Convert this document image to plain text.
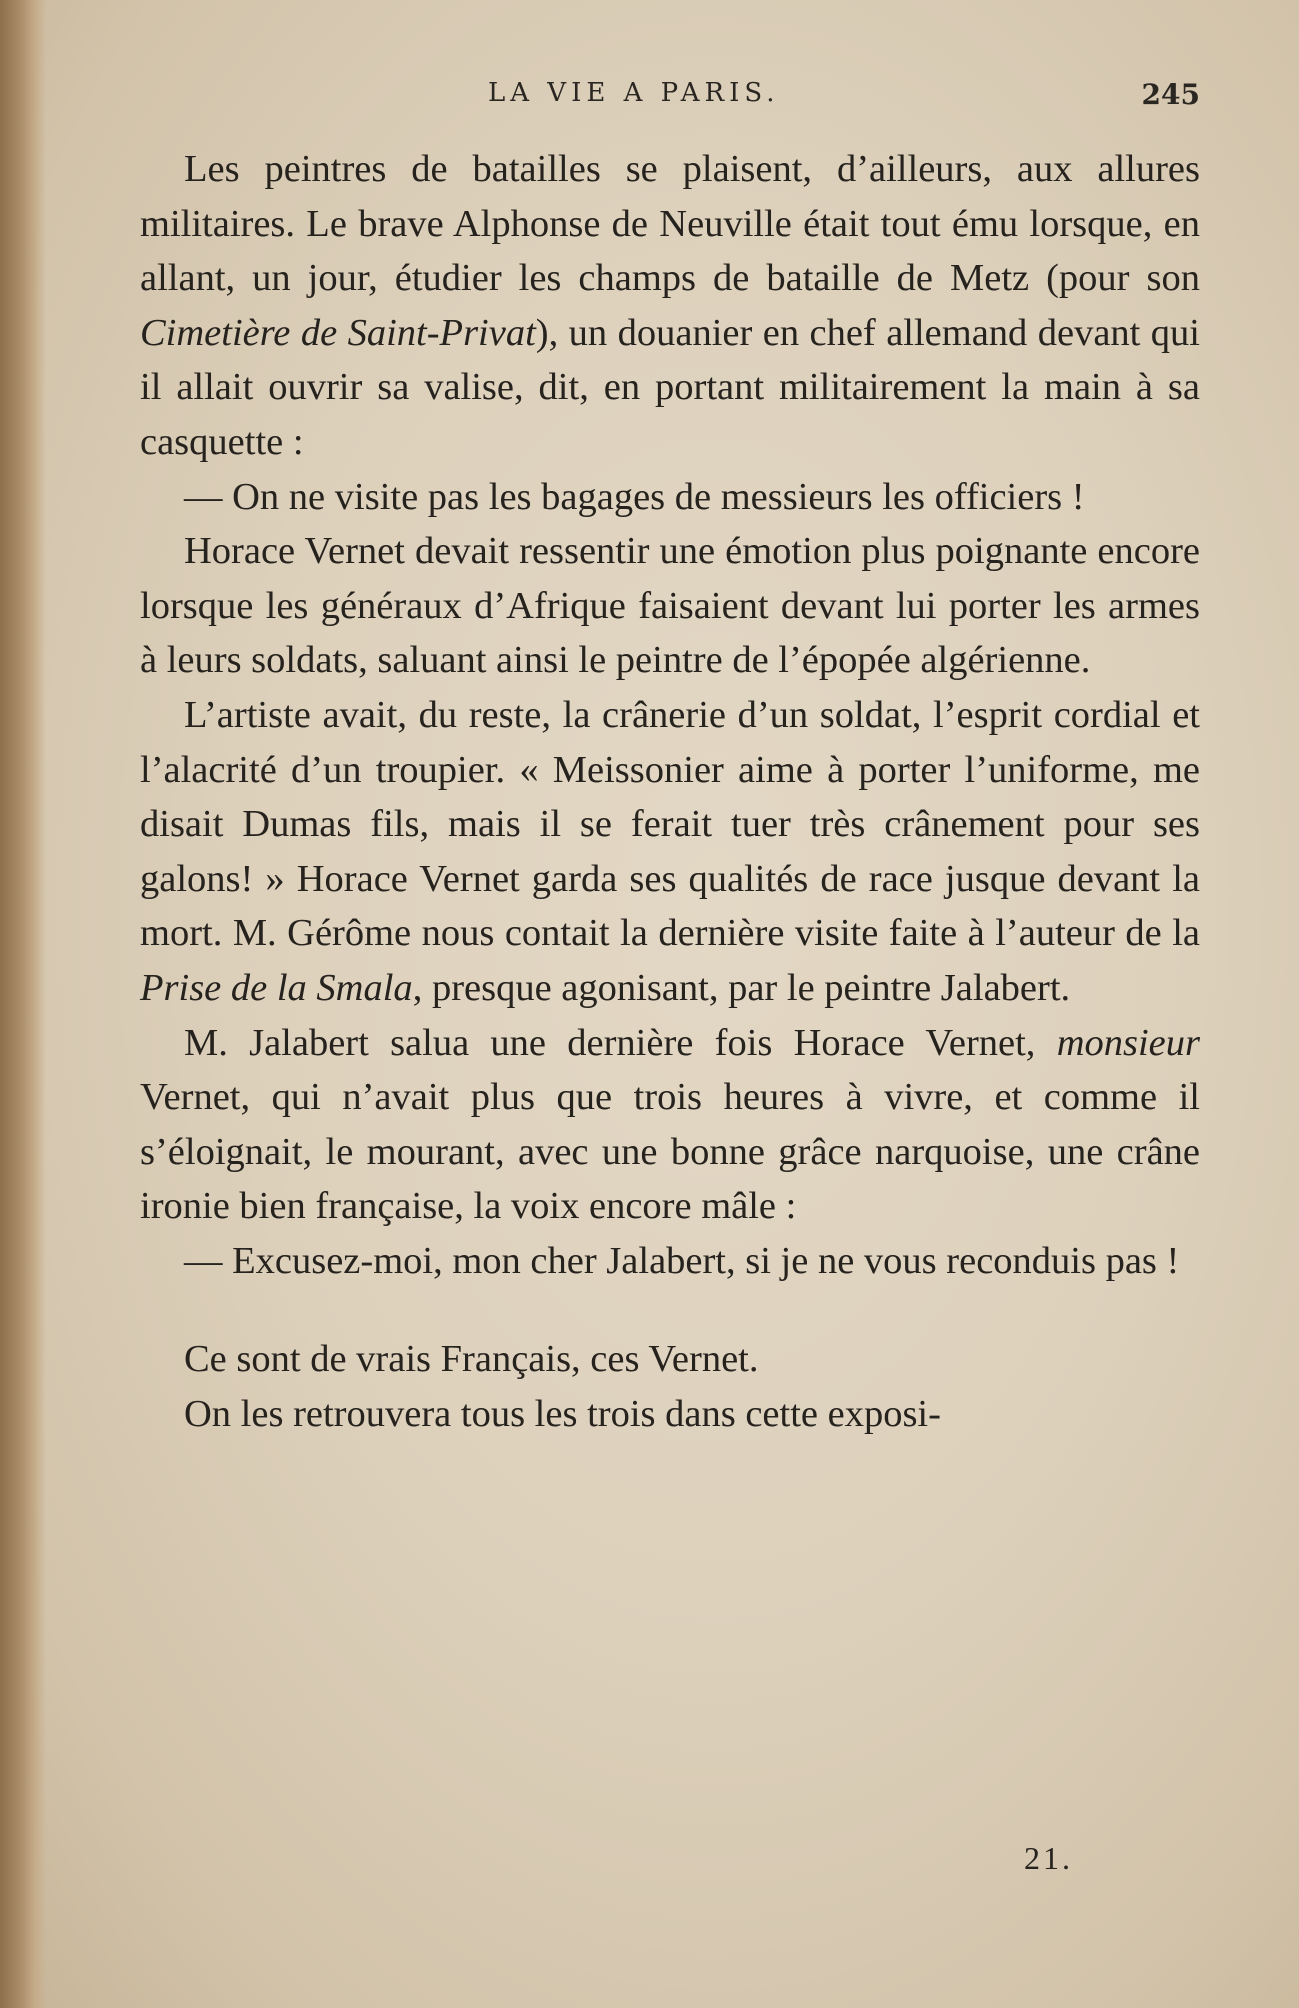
LA VIE A PARIS.	245

Les peintres de batailles se plaisent, d’ailleurs, aux allures militaires. Le brave Alphonse de Neuville était tout ému lorsque, en allant, un jour, étudier les champs de bataille de Metz (pour son Cimetière de Saint-Privat), un douanier en chef allemand devant qui il allait ouvrir sa valise, dit, en portant militairement la main à sa casquette :

— On ne visite pas les bagages de messieurs les officiers !

Horace Vernet devait ressentir une émotion plus poignante encore lorsque les généraux d’Afrique faisaient devant lui porter les armes à leurs soldats, saluant ainsi le peintre de l’épopée algérienne.

L’artiste avait, du reste, la crânerie d’un soldat, l’esprit cordial et l’alacrité d’un troupier. « Meissonier aime à porter l’uniforme, me disait Dumas fils, mais il se ferait tuer très crânement pour ses galons! » Horace Vernet garda ses qualités de race jusque devant la mort. M. Gérôme nous contait la dernière visite faite à l’auteur de la Prise de la Smala, presque agonisant, par le peintre Jalabert.

M. Jalabert salua une dernière fois Horace Vernet, monsieur Vernet, qui n’avait plus que trois heures à vivre, et comme il s’éloignait, le mourant, avec une bonne grâce narquoise, une crâne ironie bien française, la voix encore mâle :

— Excusez-moi, mon cher Jalabert, si je ne vous reconduis pas !

Ce sont de vrais Français, ces Vernet.

On les retrouvera tous les trois dans cette exposi-

21.
